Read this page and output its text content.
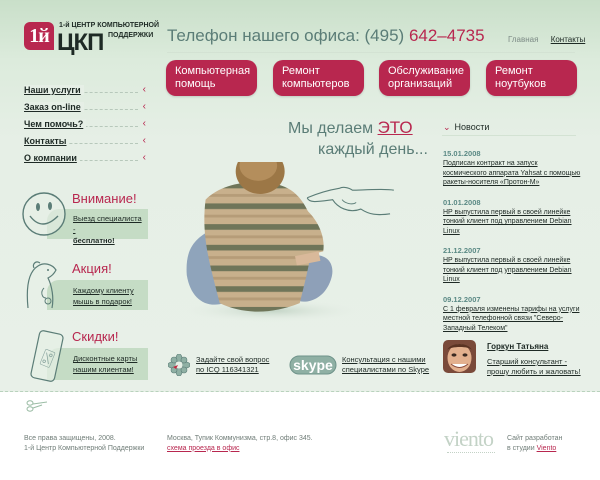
1й	1-й ЦЕНТР КОМПЬЮТЕРНОЙ
ЦКП ПОДДЕРЖКИ Телефон нашего офиса: (495) 642–4735	Главная Контакты
Компьютерная
помощь
Ремонт
компьютеров
Обслуживание
организаций
Ремонт
ноутбуков
Наши услуги	‹
Заказ on-line	‹
Чем помочь?	‹
Контакты	‹
О компании	‹
Выезд специалиста -
бесплатно!
Внимание!
Каждому клиенту мышь в подарок!
Акция!
Дисконтные карты нашим клиентам!
Скидки!
Мы делаем ЭТО
каждый день...
⌄ Новости
15.01.2008
Подписан контракт на запуск космического аппарата Yahsat с помощью ракеты-носителя «Протон-М»
01.01.2008
HP выпустила первый в своей линейке тонкий клиент под управлением Debian Linux
21.12.2007
HP выпустила первый в своей линейке тонкий клиент под управлением Debian Linux
09.12.2007
С 1 февраля изменены тарифы на услуги местной телефонной связи "Северо-Западный Телеком"
Задайте свой вопрос
по ICQ 116341321	skype Консультация с нашими
специалистами по Skype
Горкун Татьяна
Старший консультант -
прошу любить и жаловать!
Все права защищены, 2008.
1-й Центр Компьютерной Поддержки
Москва, Тупик Коммунизма, стр.8, офис 345.
схема проезда в офис	viento Сайт разработан
в студии Viento
